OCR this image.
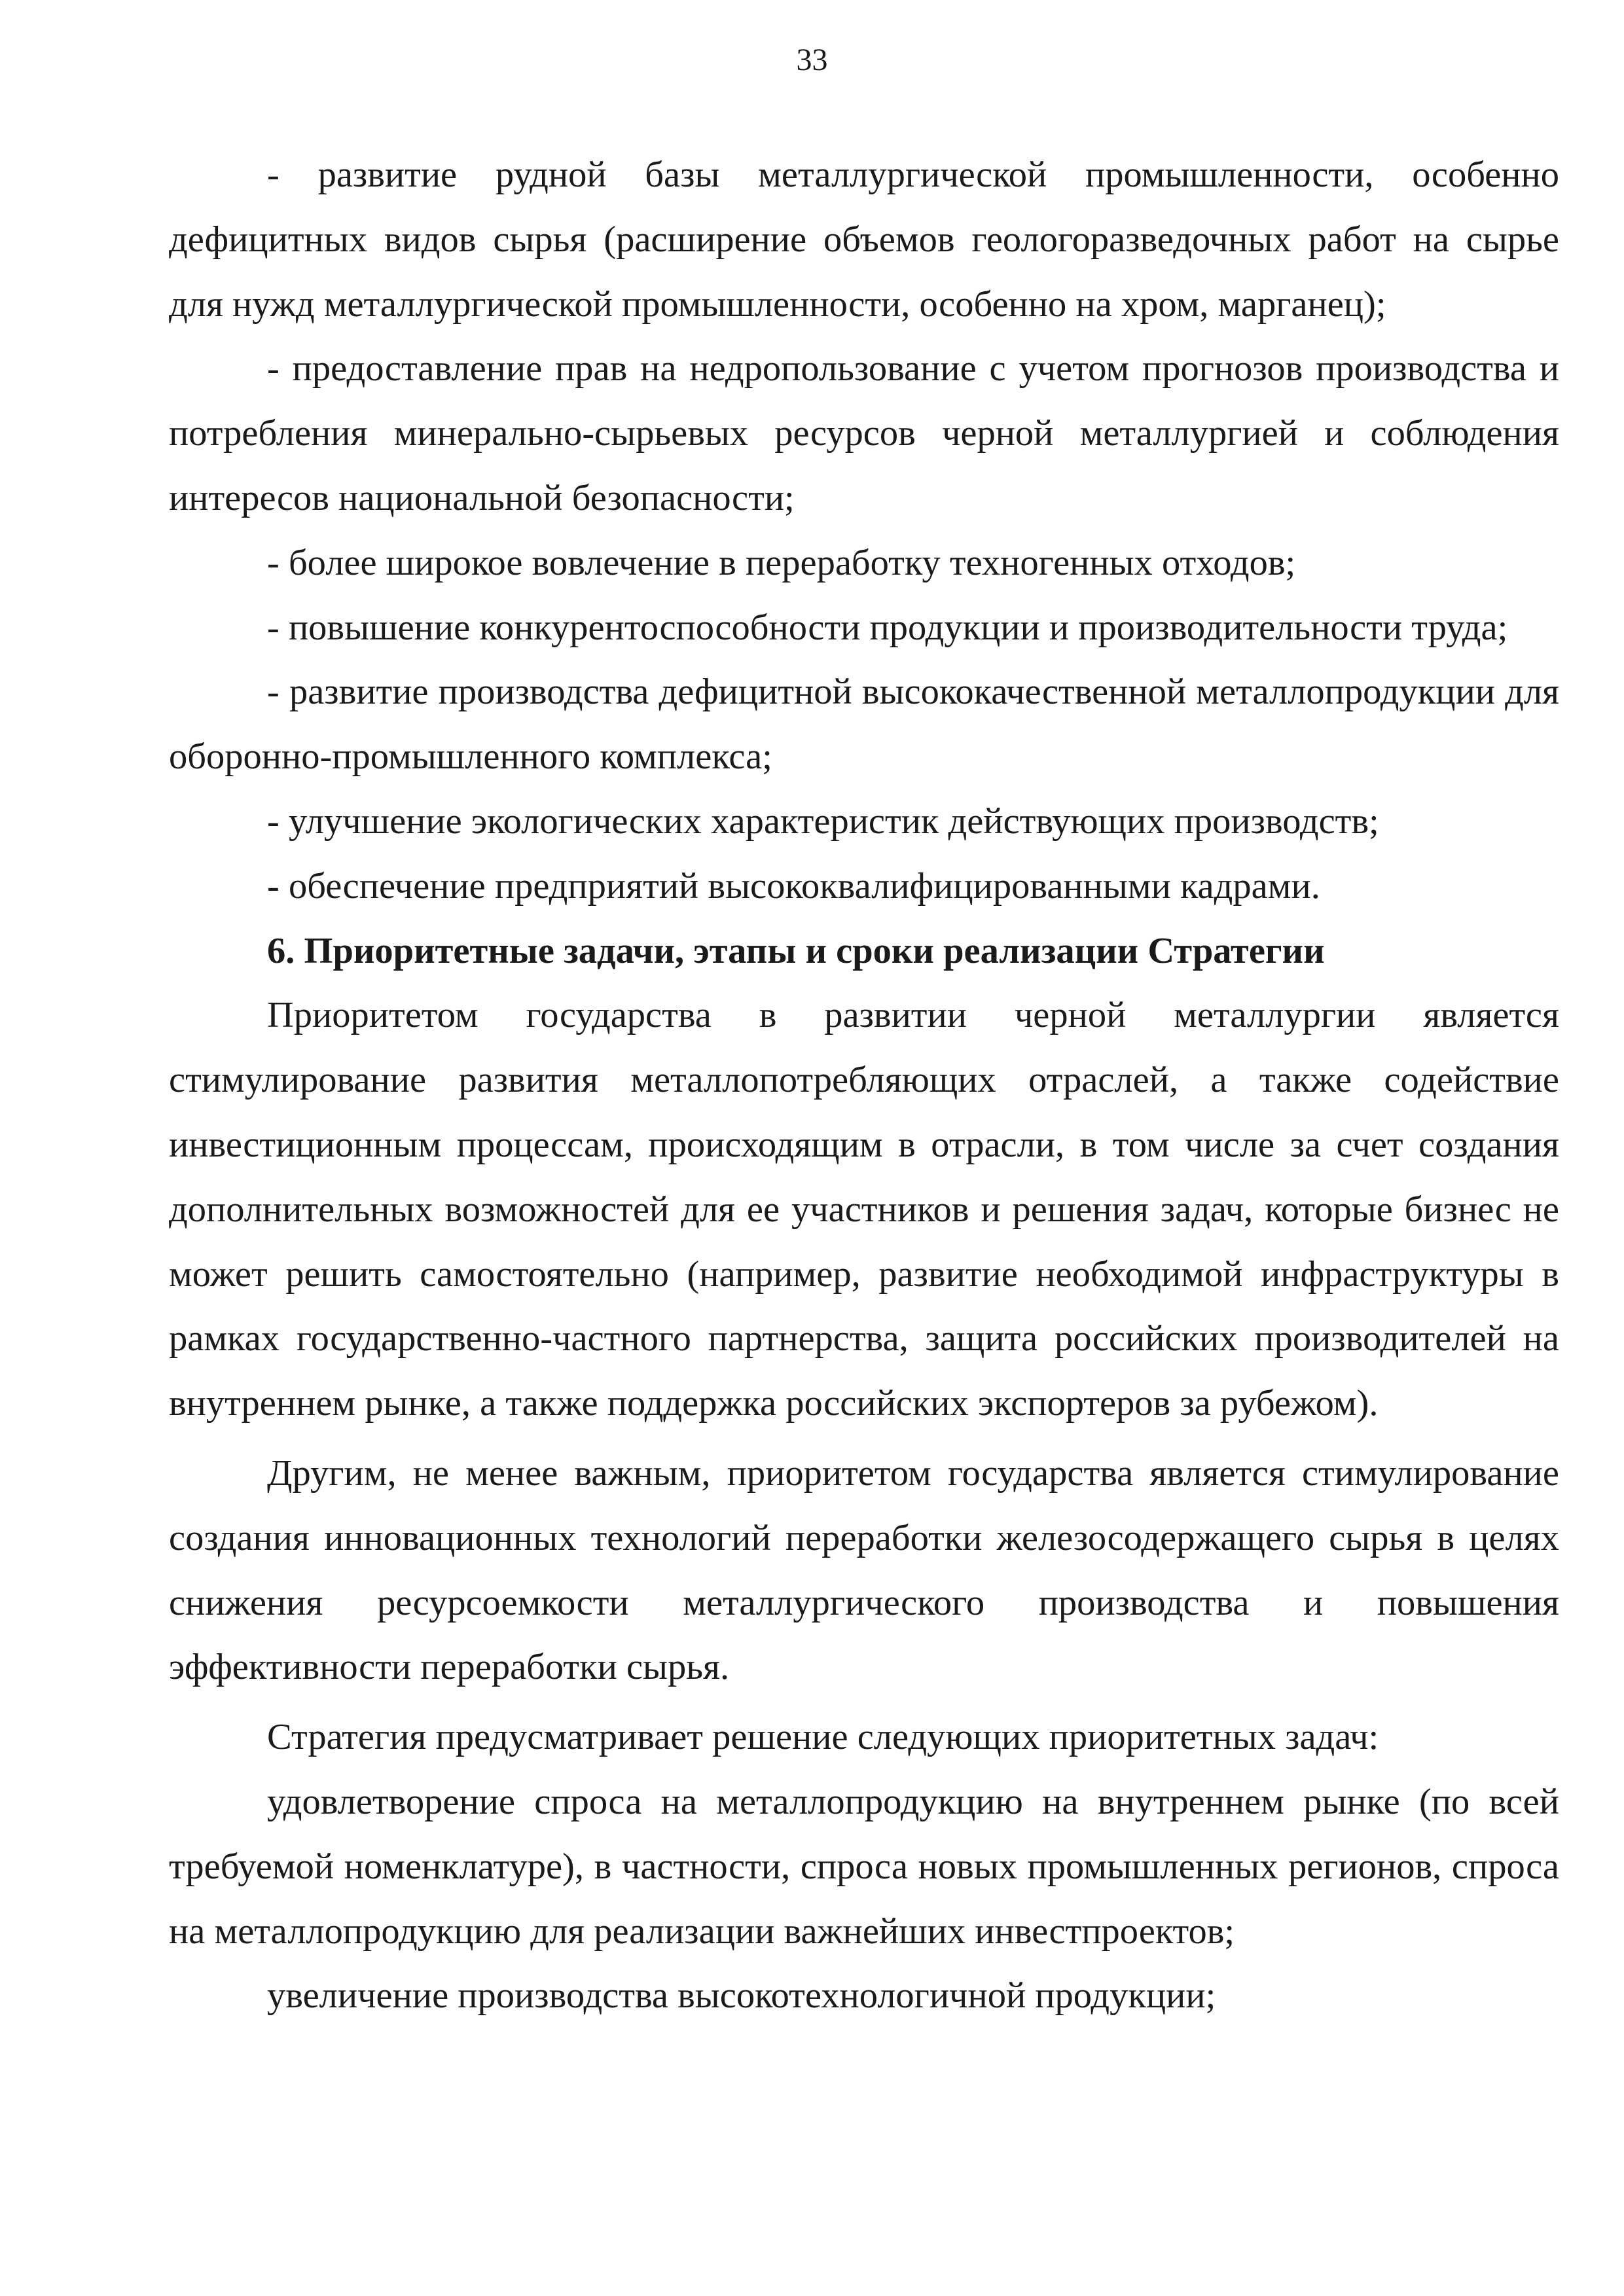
33

- развитие рудной базы металлургической промышленности, особенно дефицитных видов сырья (расширение объемов геологоразведочных работ на сырье для нужд металлургической промышленности, особенно на хром, марганец);

- предоставление прав на недропользование с учетом прогнозов производства и потребления минерально-сырьевых ресурсов черной металлургией и соблюдения интересов национальной безопасности;

- более широкое вовлечение в переработку техногенных отходов;

- повышение конкурентоспособности продукции и производительности труда;

- развитие производства дефицитной высококачественной металлопродукции для оборонно-промышленного комплекса;

- улучшение экологических характеристик действующих производств;

- обеспечение предприятий высококвалифицированными кадрами.

6. Приоритетные задачи, этапы и сроки реализации Стратегии

Приоритетом государства в развитии черной металлургии является стимулирование развития металлопотребляющих отраслей, а также содействие инвестиционным процессам, происходящим в отрасли, в том числе за счет создания дополнительных возможностей для ее участников и решения задач, которые бизнес не может решить самостоятельно (например, развитие необходимой инфраструктуры в рамках государственно-частного партнерства, защита российских производителей на внутреннем рынке, а также поддержка российских экспортеров за рубежом).

Другим, не менее важным, приоритетом государства является стимулирование создания инновационных технологий переработки железосодержащего сырья в целях снижения ресурсоемкости металлургического производства и повышения эффективности переработки сырья.

Стратегия предусматривает решение следующих приоритетных задач:

удовлетворение спроса на металлопродукцию на внутреннем рынке (по всей требуемой номенклатуре), в частности, спроса новых промышленных регионов, спроса на металлопродукцию для реализации важнейших инвестпроектов;

увеличение производства высокотехнологичной продукции;
